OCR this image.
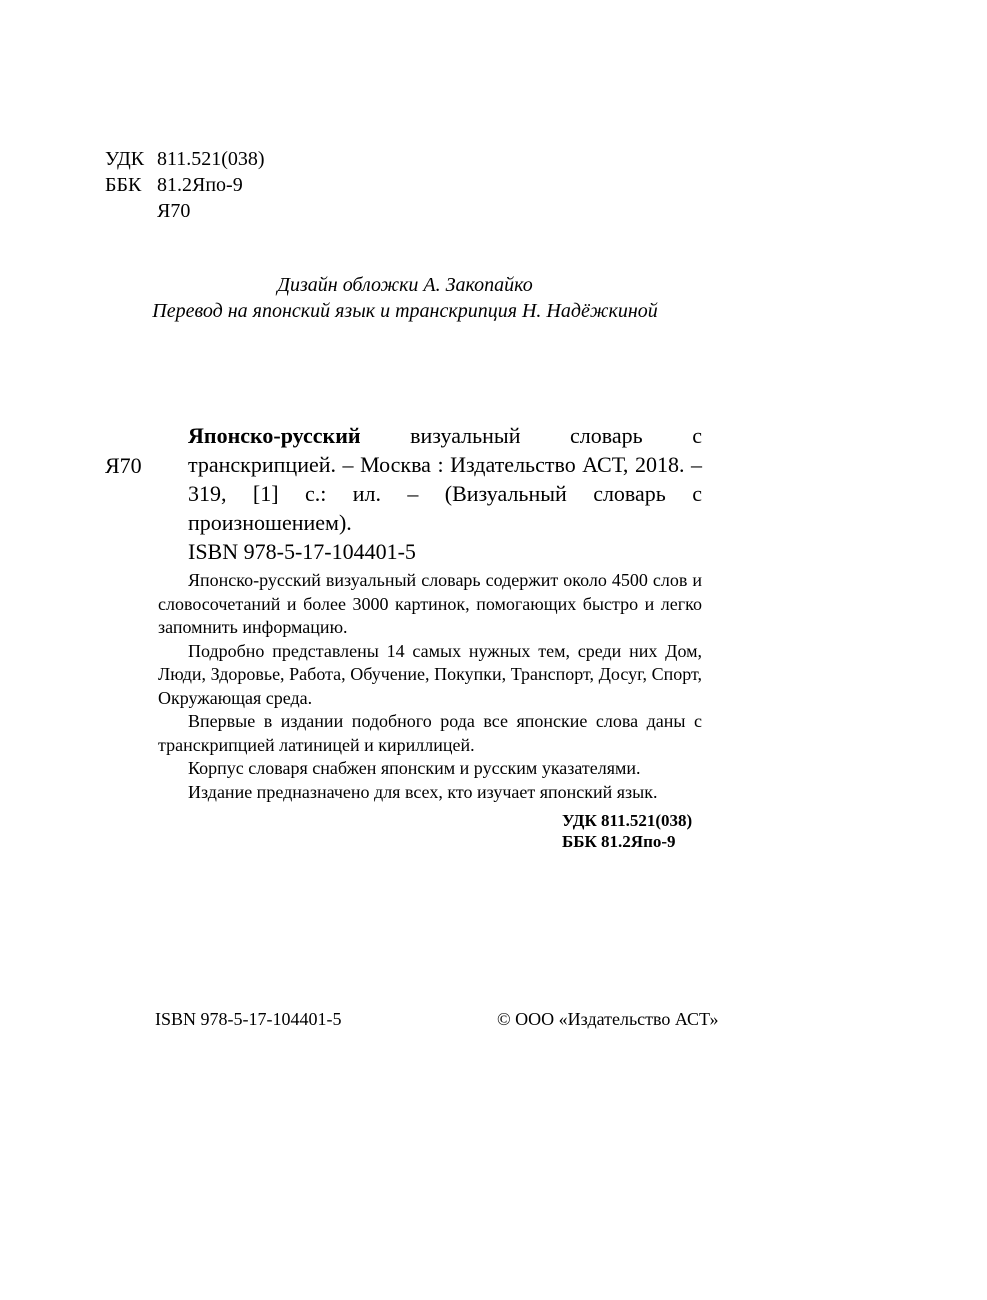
УДК 811.521(038)
ББК 81.2Япо-9
Я70
Дизайн обложки А. Закопайко
Перевод на японский язык и транскрипция Н. Надёжкиной
Я70
Японско-русский визуальный словарь с транскрипцией. – Москва : Издательство АСТ, 2018. – 319, [1] с.: ил. – (Визуальный словарь с произношением).
ISBN 978-5-17-104401-5

Японско-русский визуальный словарь содержит около 4500 слов и словосочетаний и более 3000 картинок, помогающих быстро и легко запомнить информацию.

Подробно представлены 14 самых нужных тем, среди них Дом, Люди, Здоровье, Работа, Обучение, Покупки, Транспорт, Досуг, Спорт, Окружающая среда.

Впервые в издании подобного рода все японские слова даны с транскрипцией латиницей и кириллицей.

Корпус словаря снабжен японским и русским указателями.

Издание предназначено для всех, кто изучает японский язык.

УДК 811.521(038)
ББК 81.2Япо-9
ISBN 978-5-17-104401-5	© ООО «Издательство АСТ»
